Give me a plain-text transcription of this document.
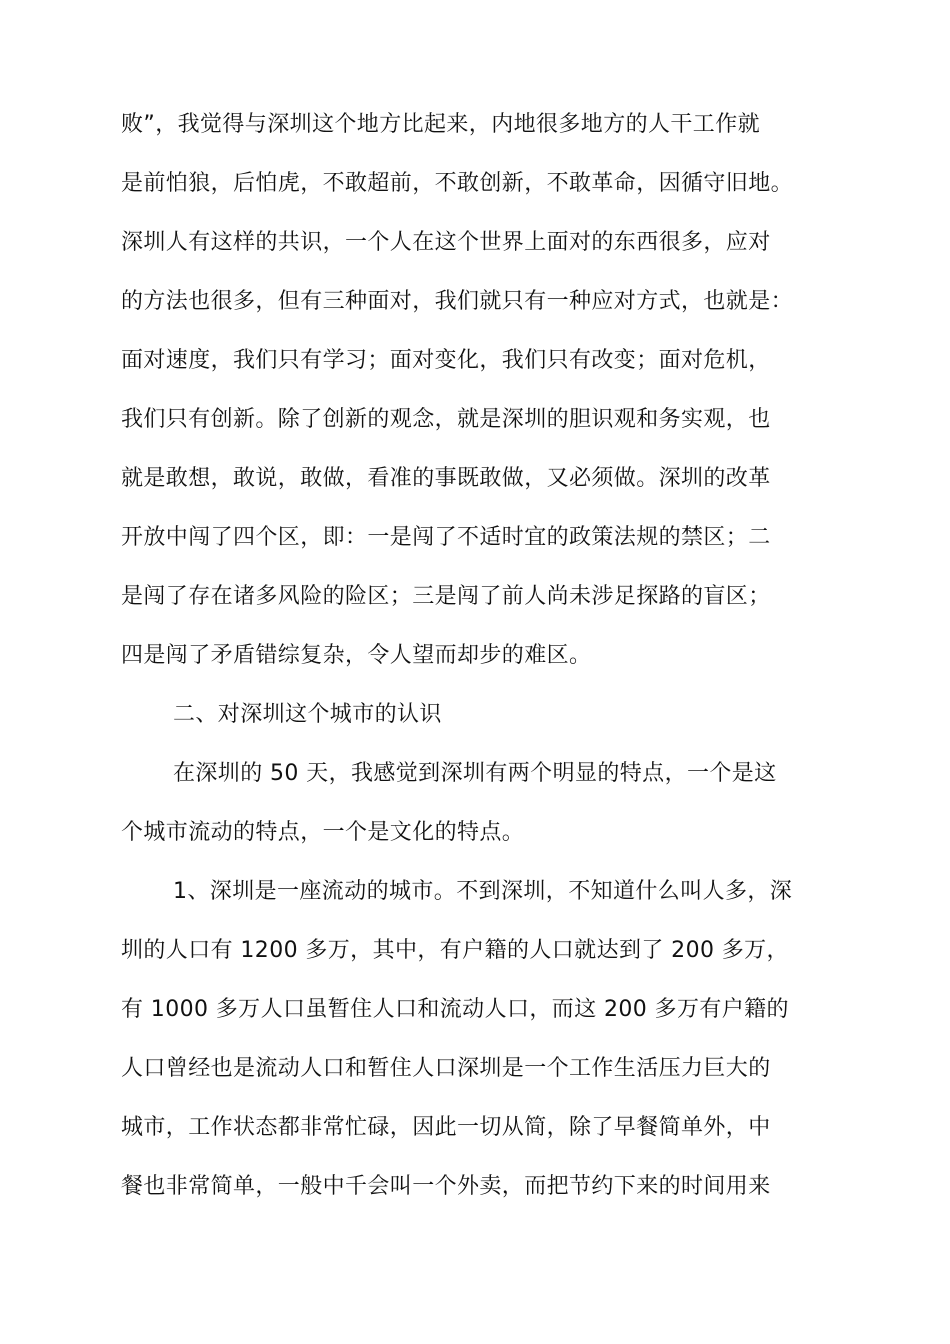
败”，我觉得与深圳这个地方比起来，内地很多地方的人干工作就
是前怕狼，后怕虎，不敢超前，不敢创新，不敢革命，因循守旧地。
深圳人有这样的共识，一个人在这个世界上面对的东西很多，应对
的方法也很多，但有三种面对，我们就只有一种应对方式，也就是：
面对速度，我们只有学习；面对变化，我们只有改变；面对危机，
我们只有创新。除了创新的观念，就是深圳的胆识观和务实观，也
就是敢想，敢说，敢做，看准的事既敢做，又必须做。深圳的改革
开放中闯了四个区，即：一是闯了不适时宜的政策法规的禁区；二
是闯了存在诸多风险的险区；三是闯了前人尚未涉足探路的盲区；
四是闯了矛盾错综复杂，令人望而却步的难区。
二、对深圳这个城市的认识
在深圳的 50 天，我感觉到深圳有两个明显的特点，一个是这
个城市流动的特点，一个是文化的特点。
1、深圳是一座流动的城市。不到深圳，不知道什么叫人多，深
圳的人口有 1200 多万，其中，有户籍的人口就达到了 200 多万，
有 1000 多万人口虽暂住人口和流动人口，而这 200 多万有户籍的
人口曾经也是流动人口和暂住人口深圳是一个工作生活压力巨大的
城市，工作状态都非常忙碌，因此一切从简，除了早餐简单外，中
餐也非常简单，一般中千会叫一个外卖，而把节约下来的时间用来
